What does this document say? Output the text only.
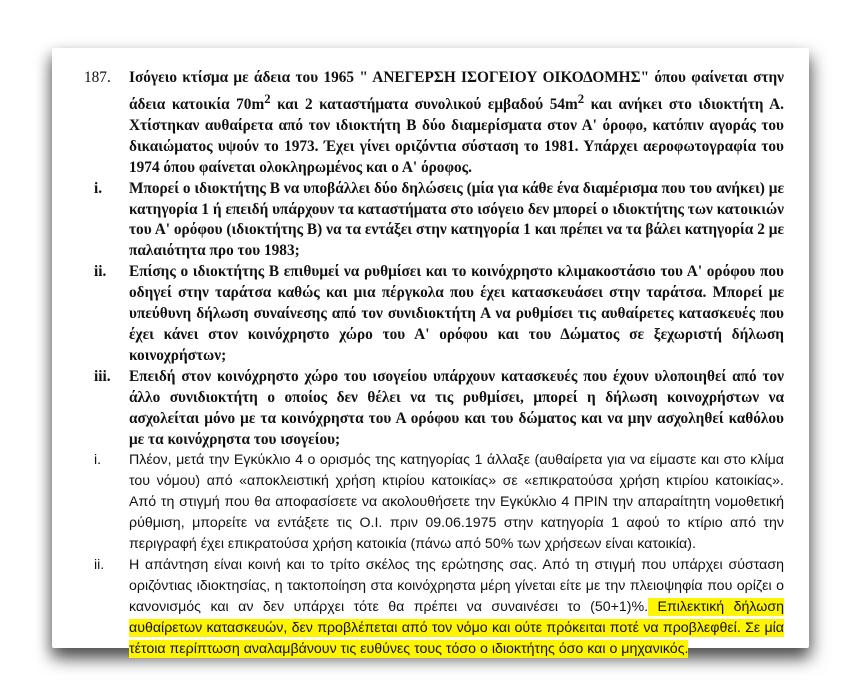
187.	Ισόγειο κτίσμα με άδεια του 1965 " ΑΝΕΓΕΡΣΗ ΙΣΟΓΕΙΟΥ ΟΙΚΟΔΟΜΗΣ" όπου φαίνεται στην άδεια κατοικία $70m^2$ και 2 καταστήματα συνολικού εμβαδού $54m^2$ και ανήκει στο ιδιοκτήτη Α. Χτίστηκαν αυθαίρετα από τον ιδιοκτήτη Β δύο διαμερίσματα στον Α' όροφο, κατόπιν αγοράς του δικαιώματος υψούν το 1973. Έχει γίνει οριζόντια σύσταση το 1981. Υπάρχει αεροφωτογραφία του 1974 όπου φαίνεται ολοκληρωμένος και ο Α' όροφος.
i.	Μπορεί ο ιδιοκτήτης Β να υποβάλλει δύο δηλώσεις (μία για κάθε ένα διαμέρισμα που του ανήκει) με κατηγορία 1 ή επειδή υπάρχουν τα καταστήματα στο ισόγειο δεν μπορεί ο ιδιοκτήτης των κατοικιών του Α' ορόφου (ιδιοκτήτης Β) να τα εντάξει στην κατηγορία 1 και πρέπει να τα βάλει κατηγορία 2 με παλαιότητα προ του 1983;
ii.	Επίσης ο ιδιοκτήτης Β επιθυμεί να ρυθμίσει και το κοινόχρηστο κλιμακοστάσιο του Α' ορόφου που οδηγεί στην ταράτσα καθώς και μια πέργκολα που έχει κατασκευάσει στην ταράτσα. Μπορεί με υπεύθυνη δήλωση συναίνεσης από τον συνιδιοκτήτη Α να ρυθμίσει τις αυθαίρετες κατασκευές που έχει κάνει στον κοινόχρηστο χώρο του Α' ορόφου και του Δώματος σε ξεχωριστή δήλωση κοινοχρήστων;
iii.	Επειδή στον κοινόχρηστο χώρο του ισογείου υπάρχουν κατασκευές που έχουν υλοποιηθεί από τον άλλο συνιδιοκτήτη ο οποίος δεν θέλει να τις ρυθμίσει, μπορεί η δήλωση κοινοχρήστων να ασχολείται μόνο με τα κοινόχρηστα του Α ορόφου και του δώματος και να μην ασχοληθεί καθόλου με τα κοινόχρηστα του ισογείου;
i.	Πλέον, μετά την Εγκύκλιο 4 ο ορισμός της κατηγορίας 1 άλλαξε (αυθαίρετα για να είμαστε και στο κλίμα του νόμου) από «αποκλειστική χρήση κτιρίου κατοικίας» σε «επικρατούσα χρήση κτιρίου κατοικίας». Από τη στιγμή που θα αποφασίσετε να ακολουθήσετε την Εγκύκλιο 4 ΠΡΙΝ την απαραίτητη νομοθετική ρύθμιση, μπορείτε να εντάξετε τις Ο.Ι. πριν 09.06.1975 στην κατηγορία 1 αφού το κτίριο από την περιγραφή έχει επικρατούσα χρήση κατοικία (πάνω από 50% των χρήσεων είναι κατοικία).
ii.	Η απάντηση είναι κοινή και το τρίτο σκέλος της ερώτησης σας. Από τη στιγμή που υπάρχει σύσταση οριζόντιας ιδιοκτησίας, η τακτοποίηση στα κοινόχρηστα μέρη γίνεται είτε με την πλειοψηφία που ορίζει ο κανονισμός και αν δεν υπάρχει τότε θα πρέπει να συναινέσει το (50+1)%. Επιλεκτική δήλωση αυθαίρετων κατασκευών, δεν προβλέπεται από τον νόμο και ούτε πρόκειται ποτέ να προβλεφθεί. Σε μία τέτοια περίπτωση αναλαμβάνουν τις ευθύνες τους τόσο ο ιδιοκτήτης όσο και ο μηχανικός.
